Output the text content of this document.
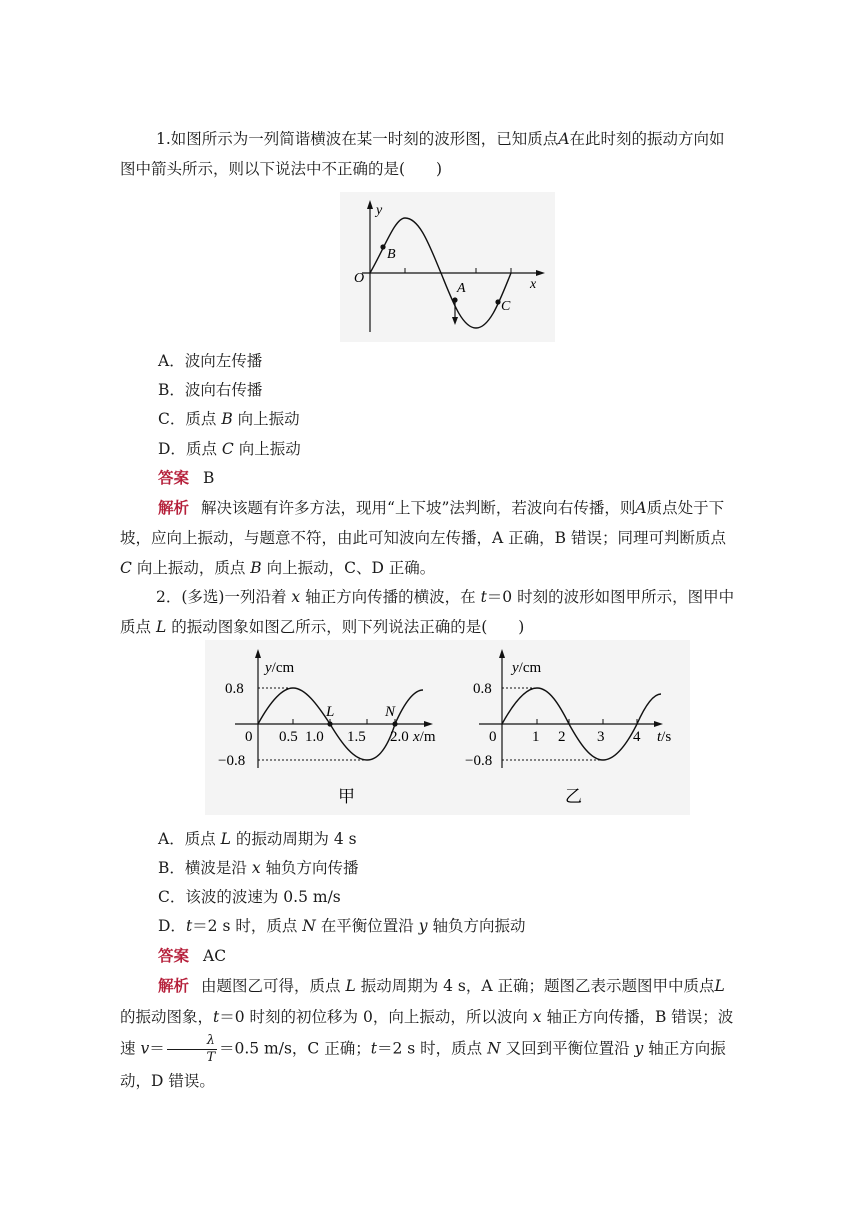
1.如图所示为一列简谐横波在某一时刻的波形图，已知质点A在此时刻的振动方向如图中箭头所示，则以下说法中不正确的是(　　)

y
x
O
B
A
C

A．波向左传播

B．波向右传播

C．质点 B 向上振动

D．质点 C 向上振动

答案 B

解析 解决该题有许多方法，现用“上下坡”法判断，若波向右传播，则A质点处于下坡，应向上振动，与题意不符，由此可知波向左传播，A 正确，B 错误；同理可判断质点 C 向上振动，质点 B 向上振动，C、D 正确。

2．(多选)一列沿着 x 轴正方向传播的横波，在 t＝0 时刻的波形如图甲所示，图甲中质点 L 的振动图象如图乙所示，则下列说法正确的是(　　)

y/cm
0.8
−0.8
0 0.5 1.0 1.5 2.0 x/m
L	N
甲
y/cm
0.8
−0.8
0 1 2 3 4 t/s
乙

A．质点 L 的振动周期为 4 s

B．横波是沿 x 轴负方向传播

C．该波的波速为 0.5 m/s

D．t＝2 s 时，质点 N 在平衡位置沿 y 轴负方向振动

答案 AC

解析 由题图乙可得，质点 L 振动周期为 4 s，A 正确；题图乙表示题图甲中质点L 的振动图象，t＝0 时刻的初位移为 0，向上振动，所以波向 x 轴正方向传播，B 错误；波速 $v= \frac{\lambda}{T} =0.5$ m/s，C 正确；t＝2 s 时，质点 N 又回到平衡位置沿 y 轴正方向振动，D 错误。
